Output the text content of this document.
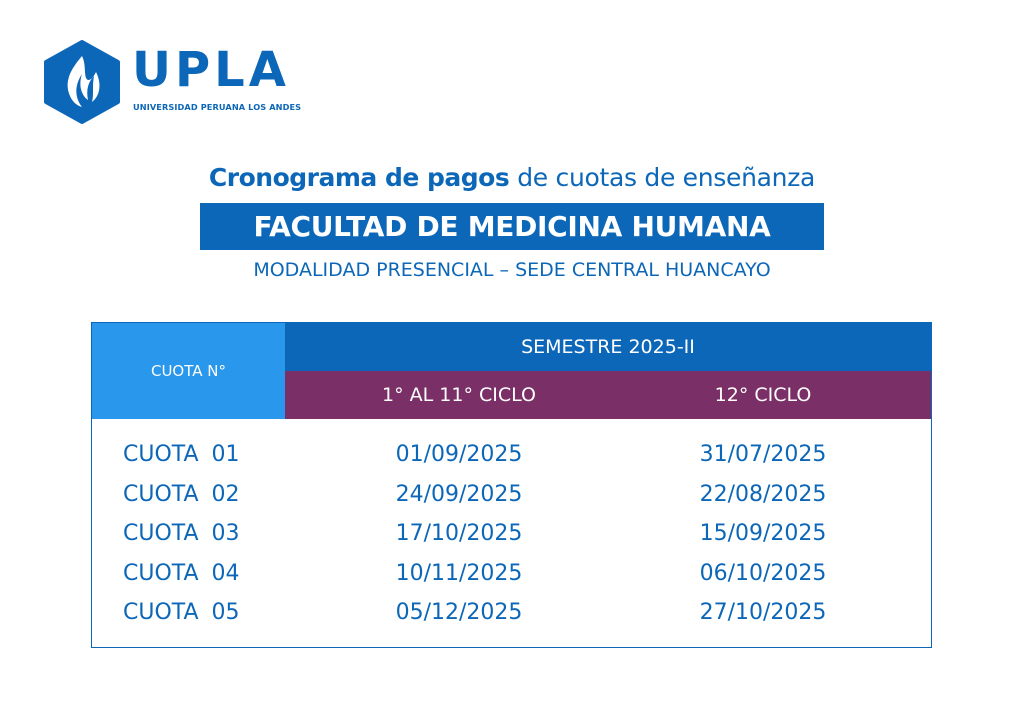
UPLA
UNIVERSIDAD PERUANA LOS ANDES
Cronograma de pagos de cuotas de enseñanza
FACULTAD DE MEDICINA HUMANA
MODALIDAD PRESENCIAL – SEDE CENTRAL HUANCAYO
CUOTA N°
SEMESTRE 2025-II
1° AL 11° CICLO	12° CICLO
CUOTA 01	01/09/2025	31/07/2025
CUOTA 02	24/09/2025	22/08/2025
CUOTA 03	17/10/2025	15/09/2025
CUOTA 04	10/11/2025	06/10/2025
CUOTA 05	05/12/2025	27/10/2025
